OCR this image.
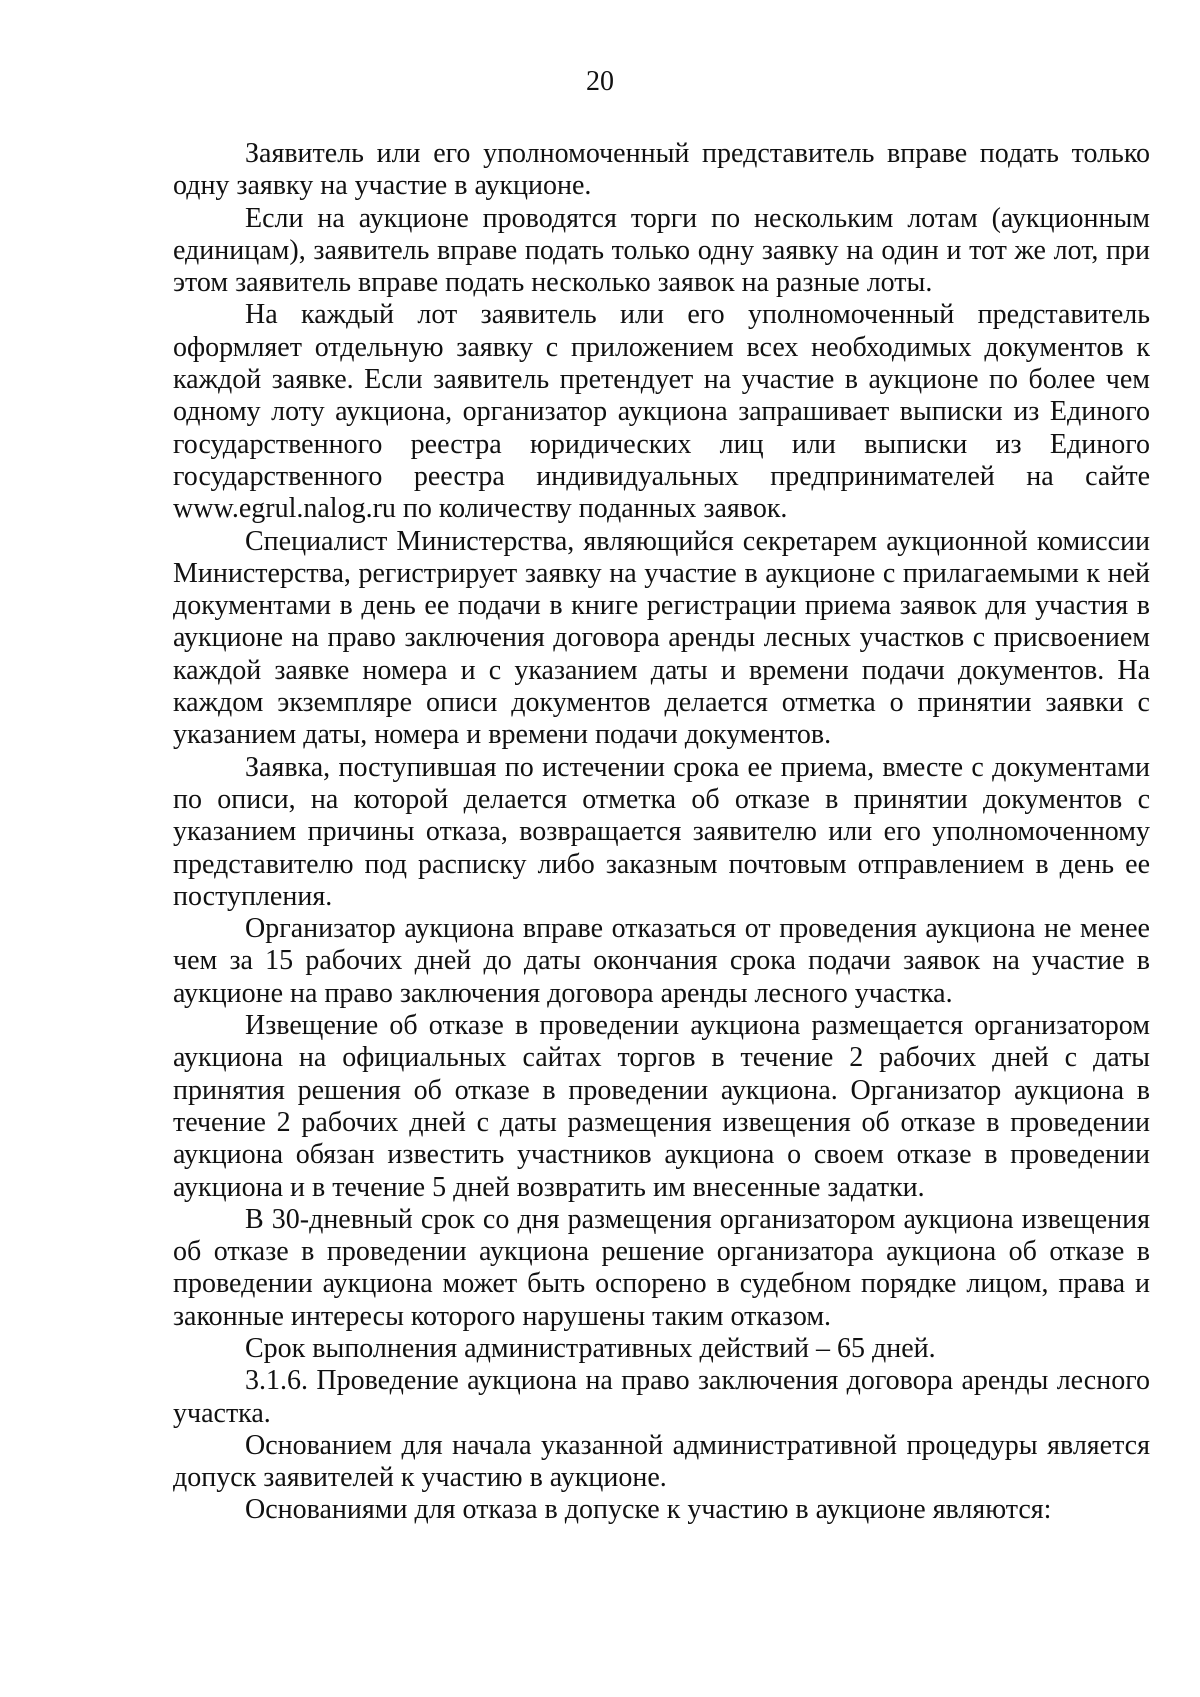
20

Заявитель или его уполномоченный представитель вправе подать только одну заявку на участие в аукционе.

Если на аукционе проводятся торги по нескольким лотам (аукционным единицам), заявитель вправе подать только одну заявку на один и тот же лот, при этом заявитель вправе подать несколько заявок на разные лоты.

На каждый лот заявитель или его уполномоченный представитель оформляет отдельную заявку с приложением всех необходимых документов к каждой заявке. Если заявитель претендует на участие в аукционе по более чем одному лоту аукциона, организатор аукциона запрашивает выписки из Единого государственного реестра юридических лиц или выписки из Единого государственного реестра индивидуальных предпринимателей на сайте www.egrul.nalog.ru по количеству поданных заявок.

Специалист Министерства, являющийся секретарем аукционной комиссии Министерства, регистрирует заявку на участие в аукционе с прилагаемыми к ней документами в день ее подачи в книге регистрации приема заявок для участия в аукционе на право заключения договора аренды лесных участков с присвоением каждой заявке номера и с указанием даты и времени подачи документов. На каждом экземпляре описи документов делается отметка о принятии заявки с указанием даты, номера и времени подачи документов.

Заявка, поступившая по истечении срока ее приема, вместе с документами по описи, на которой делается отметка об отказе в принятии документов с указанием причины отказа, возвращается заявителю или его уполномоченному представителю под расписку либо заказным почтовым отправлением в день ее поступления.

Организатор аукциона вправе отказаться от проведения аукциона не менее чем за 15 рабочих дней до даты окончания срока подачи заявок на участие в аукционе на право заключения договора аренды лесного участка.

Извещение об отказе в проведении аукциона размещается организатором аукциона на официальных сайтах торгов в течение 2 рабочих дней с даты принятия решения об отказе в проведении аукциона. Организатор аукциона в течение 2 рабочих дней с даты размещения извещения об отказе в проведении аукциона обязан известить участников аукциона о своем отказе в проведении аукциона и в течение 5 дней возвратить им внесенные задатки.

В 30-дневный срок со дня размещения организатором аукциона извещения об отказе в проведении аукциона решение организатора аукциона об отказе в проведении аукциона может быть оспорено в судебном порядке лицом, права и законные интересы которого нарушены таким отказом.

Срок выполнения административных действий – 65 дней.

3.1.6. Проведение аукциона на право заключения договора аренды лесного участка.

Основанием для начала указанной административной процедуры является допуск заявителей к участию в аукционе.

Основаниями для отказа в допуске к участию в аукционе являются:
